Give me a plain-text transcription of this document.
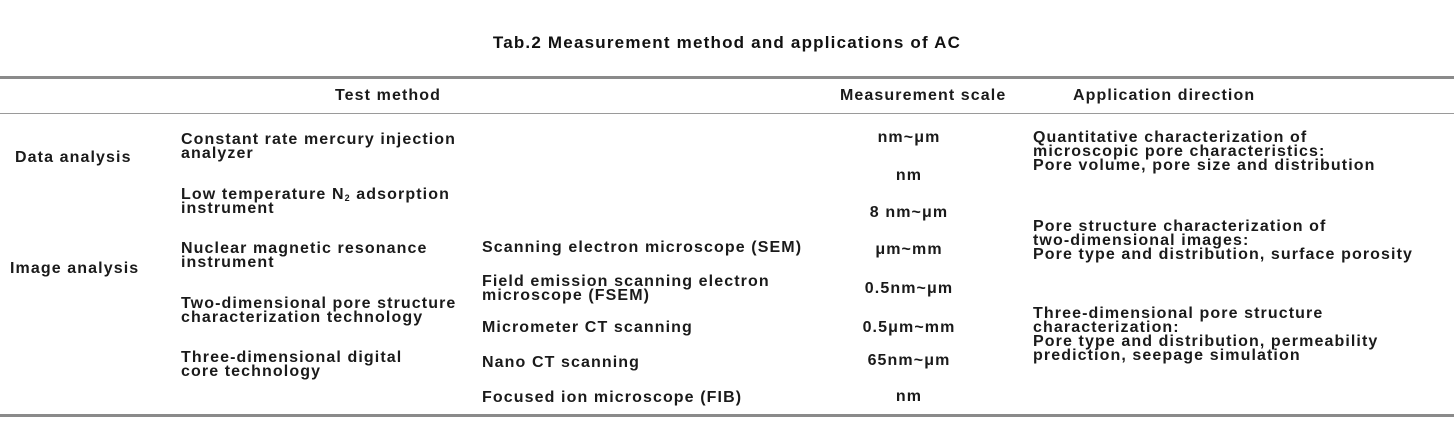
Tab.2 Measurement method and applications of AC
Test method	Measurement scale	Application direction
Data analysis
Image analysis
Constant rate mercury injection
analyzer
Low temperature $N_2$ adsorption
instrument
Nuclear magnetic resonance
instrument
Two-dimensional pore structure
characterization technology
Three-dimensional digital
core technology
Scanning electron microscope (SEM)
Field emission scanning electron
microscope (FSEM)
Micrometer CT scanning
Nano CT scanning
Focused ion microscope (FIB)
nm~μm
nm
8 nm~μm
μm~mm
0.5nm~μm
0.5μm~mm
65nm~μm
nm
Quantitative characterization of
microscopic pore characteristics:
Pore volume, pore size and distribution
Pore structure characterization of
two-dimensional images:
Pore type and distribution, surface porosity
Three-dimensional pore structure
characterization:
Pore type and distribution, permeability
prediction, seepage simulation
